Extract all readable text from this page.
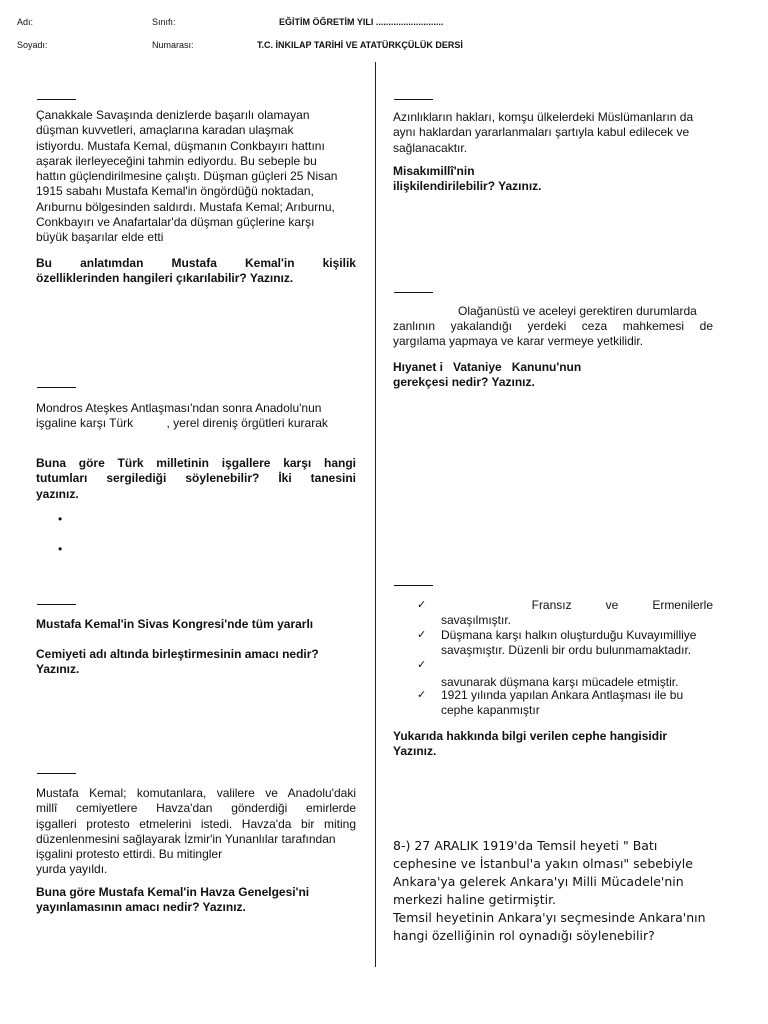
Adı:	Sınıfı:	EĞİTİM ÖĞRETİM YILI ...........................
Soyadı:	Numarası:	T.C. İNKILAP TARİHİ VE ATATÜRKÇÜLÜK DERSİ
Çanakkale Savaşında denizlerde başarılı olamayan
düşman kuvvetleri, amaçlarına karadan ulaşmak
istiyordu. Mustafa Kemal, düşmanın Conkbayırı hattını
aşarak ilerleyeceğini tahmin ediyordu. Bu sebeple bu
hattın güçlendirilmesine çalıştı. Düşman güçleri 25 Nisan
1915 sabahı Mustafa Kemal'in öngördüğü noktadan,
Arıburnu bölgesinden saldırdı. Mustafa Kemal; Arıburnu,
Conkbayırı ve Anafartalar'da düşman güçlerine karşı
büyük başarılar elde etti
Bu anlatımdan Mustafa Kemal'in kişilik
özelliklerinden hangileri çıkarılabilir? Yazınız.
Mondros Ateşkes Antlaşması'ndan sonra Anadolu'nun
işgaline karşı Türk          , yerel direniş örgütleri kurarak
Buna göre Türk milletinin işgallere karşı hangi
tutumları sergilediği söylenebilir? İki tanesini
yazınız.
•
•
Mustafa Kemal'in Sivas Kongresi'nde tüm yararlı
Cemiyeti adı altında birleştirmesinin amacı nedir?
Yazınız.
Mustafa Kemal; komutanlara, valilere ve Anadolu'daki
millî cemiyetlere Havza'dan gönderdiği emirlerde
işgalleri protesto etmelerini istedi. Havza'da bir miting
düzenlenmesini sağlayarak İzmir'in Yunanlılar tarafından
işgalini protesto ettirdi. Bu mitingler
yurda yayıldı.
Buna göre Mustafa Kemal'in Havza Genelgesi'ni
yayınlamasının amacı nedir? Yazınız.
Azınlıkların hakları, komşu ülkelerdeki Müslümanların da
aynı haklardan yararlanmaları şartıyla kabul edilecek ve
sağlanacaktır.
Misakımillî'nin
ilişkilendirilebilir? Yazınız.
Olağanüstü ve aceleyi gerektiren durumlarda
zanlının yakalandığı yerdeki ceza mahkemesi de
yargılama yapmaya ve karar vermeye yetkilidir.
Hıyanet i   Vataniye   Kanunu'nun
gerekçesi nedir? Yazınız.
✓	Fransız	ve	Ermenilerle
savaşılmıştır.
✓ Düşmana karşı halkın oluşturduğu Kuvayımilliye
savaşmıştır. Düzenli bir ordu bulunmamaktadır.
✓
savunarak düşmana karşı mücadele etmiştir.
✓ 1921 yılında yapılan Ankara Antlaşması ile bu
cephe kapanmıştır
Yukarıda hakkında bilgi verilen cephe hangisidir
Yazınız.
8-) 27 ARALIK 1919'da Temsil heyeti " Batı
cephesine ve İstanbul'a yakın olması" sebebiyle
Ankara'ya gelerek Ankara'yı Milli Mücadele'nin
merkezi haline getirmiştir.
Temsil heyetinin Ankara'yı seçmesinde Ankara'nın
hangi özelliğinin rol oynadığı söylenebilir?
